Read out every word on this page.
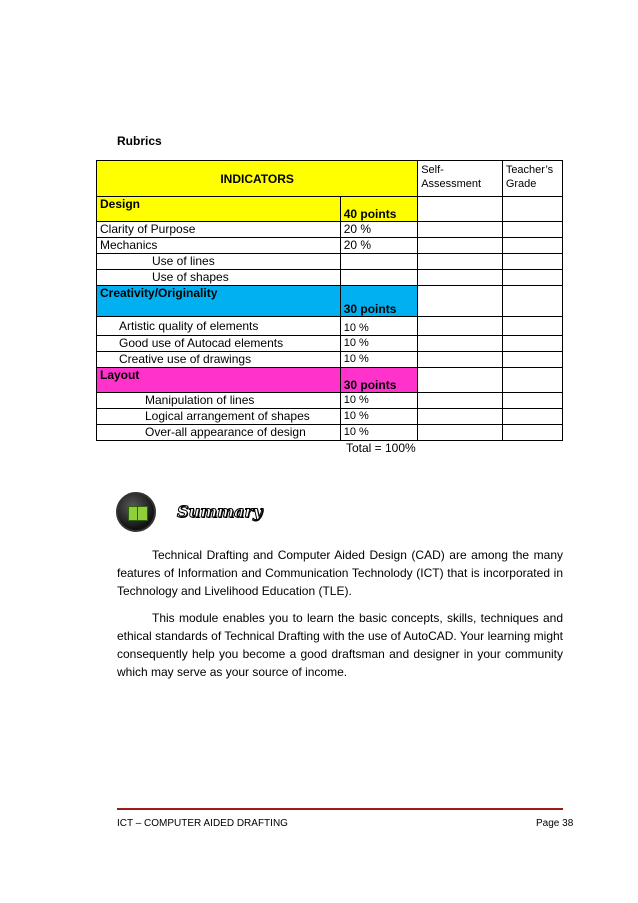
Rubrics
INDICATORS		Self-Assessment	Teacher’s Grade
Design	40 points		
Clarity of Purpose	20 %		
Mechanics	20 %		
Use of lines			
Use of shapes			
Creativity/Originality	30 points		
Artistic quality of elements	10 %		
Good use of Autocad elements	10 %		
Creative use of drawings	10 %		
Layout	30 points		
Manipulation of lines	10 %		
Logical arrangement of shapes	10 %		
Over-all appearance of design	10 %		
Total = 100%			
Summary
Technical Drafting and Computer Aided Design (CAD) are among the many features of Information and Communication Technolody (ICT) that is incorporated in Technology and Livelihood Education (TLE).
This module enables you to learn the basic concepts, skills, techniques and ethical standards of Technical Drafting with the use of AutoCAD. Your learning might consequently help you become a good draftsman and designer in your community which may serve as your source of income.
ICT – COMPUTER AIDED DRAFTING	Page 38
